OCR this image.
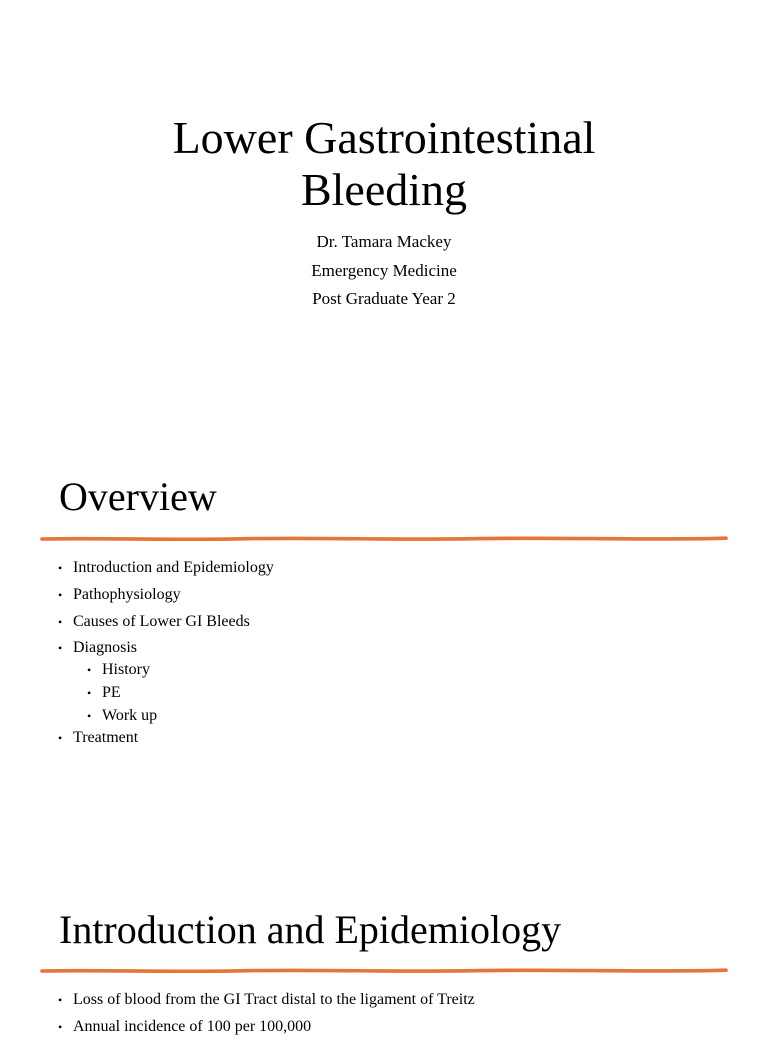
Lower Gastrointestinal
Bleeding
Dr. Tamara Mackey
Emergency Medicine
Post Graduate Year 2
Overview
• Introduction and Epidemiology
• Pathophysiology
• Causes of Lower GI Bleeds
• Diagnosis
• History
• PE
• Work up
• Treatment
Introduction and Epidemiology
• Loss of blood from the GI Tract distal to the ligament of Treitz
• Annual incidence of 100 per 100,000
